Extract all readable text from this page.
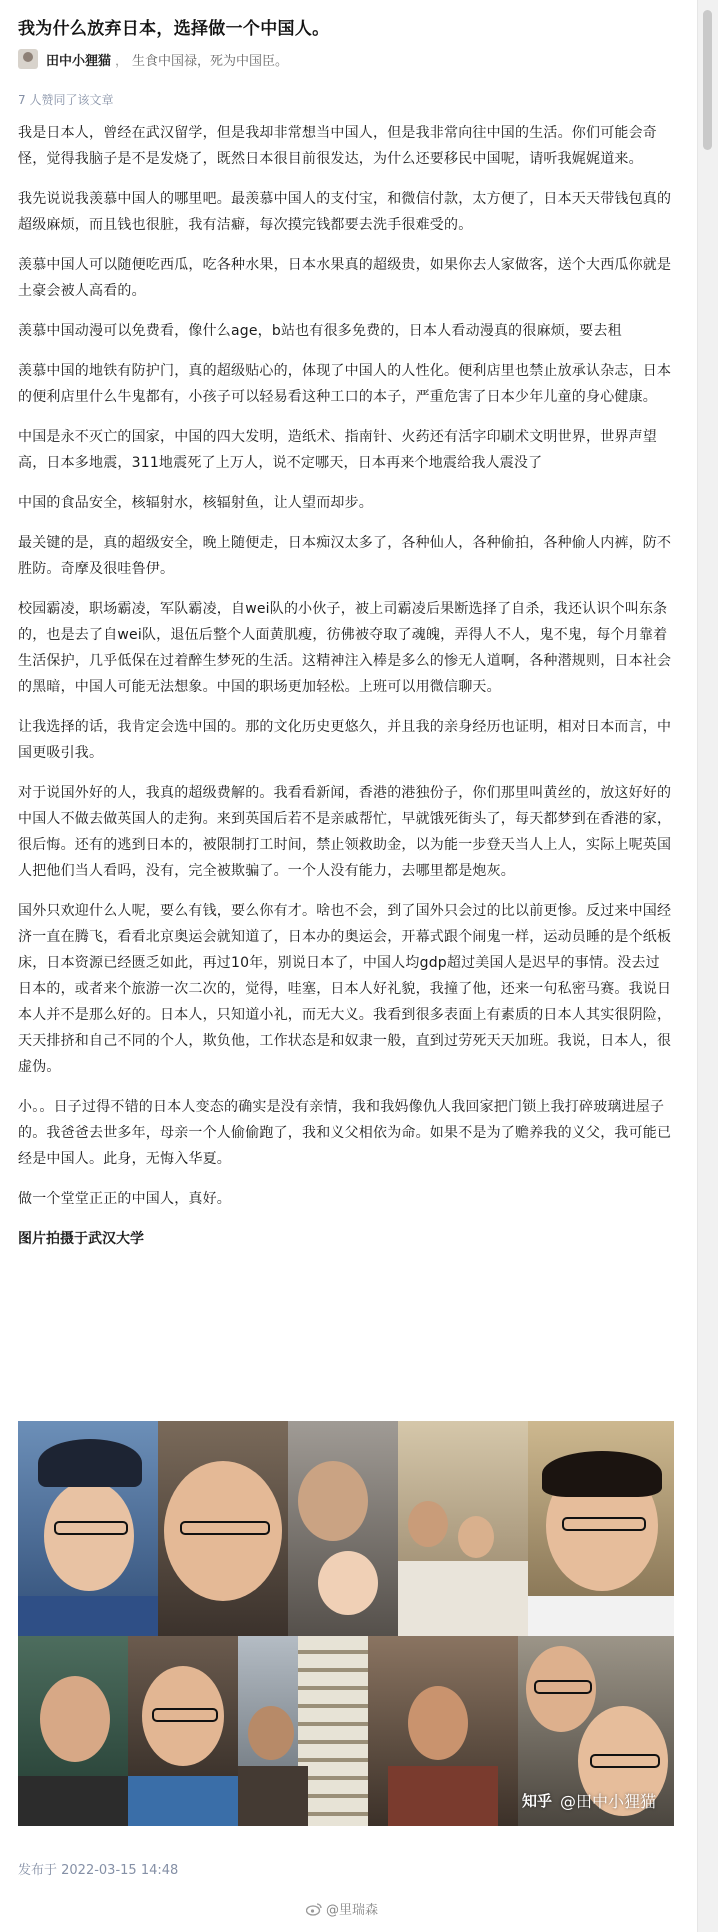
我为什么放弃日本，选择做一个中国人。
田中小狸猫 ， 生食中国禄，死为中国臣。
7 人赞同了该文章

我是日本人，曾经在武汉留学，但是我却非常想当中国人，但是我非常向往中国的生活。你们可能会奇怪，觉得我脑子是不是发烧了，既然日本很目前很发达，为什么还要移民中国呢，请听我娓娓道来。

我先说说我羡慕中国人的哪里吧。最羡慕中国人的支付宝，和微信付款，太方便了，日本天天带钱包真的超级麻烦，而且钱也很脏，我有洁癖，每次摸完钱都要去洗手很难受的。

羡慕中国人可以随便吃西瓜，吃各种水果，日本水果真的超级贵，如果你去人家做客，送个大西瓜你就是土豪会被人高看的。

羡慕中国动漫可以免费看，像什么age，b站也有很多免费的，日本人看动漫真的很麻烦，要去租

羡慕中国的地铁有防护门，真的超级贴心的，体现了中国人的人性化。便利店里也禁止放承认杂志，日本的便利店里什么牛鬼都有，小孩子可以轻易看这种工口的本子，严重危害了日本少年儿童的身心健康。

中国是永不灭亡的国家，中国的四大发明，造纸术、指南针、火药还有活字印刷术文明世界，世界声望高，日本多地震，311地震死了上万人，说不定哪天，日本再来个地震给我人震没了

中国的食品安全，核辐射水，核辐射鱼，让人望而却步。

最关键的是，真的超级安全，晚上随便走，日本痴汉太多了，各种仙人，各种偷拍，各种偷人内裤，防不胜防。奇摩及很哇鲁伊。

校园霸凌，职场霸凌，军队霸凌，自wei队的小伙子，被上司霸凌后果断选择了自杀，我还认识个叫东条的，也是去了自wei队，退伍后整个人面黄肌瘦，彷佛被夺取了魂魄，弄得人不人，鬼不鬼，每个月靠着生活保护，几乎低保在过着醉生梦死的生活。这精神注入棒是多么的惨无人道啊，各种潜规则，日本社会的黑暗，中国人可能无法想象。中国的职场更加轻松。上班可以用微信聊天。

让我选择的话，我肯定会选中国的。那的文化历史更悠久，并且我的亲身经历也证明，相对日本而言，中国更吸引我。

对于说国外好的人，我真的超级费解的。我看看新闻，香港的港独份子，你们那里叫黄丝的，放这好好的中国人不做去做英国人的走狗。来到英国后若不是亲戚帮忙，早就饿死街头了，每天都梦到在香港的家，很后悔。还有的逃到日本的，被限制打工时间，禁止领救助金，以为能一步登天当人上人，实际上呢英国人把他们当人看吗，没有，完全被欺骗了。一个人没有能力，去哪里都是炮灰。

国外只欢迎什么人呢，要么有钱，要么你有才。啥也不会，到了国外只会过的比以前更惨。反过来中国经济一直在腾飞，看看北京奥运会就知道了，日本办的奥运会，开幕式跟个闹鬼一样，运动员睡的是个纸板床，日本资源已经匮乏如此，再过10年，别说日本了，中国人均gdp超过美国人是迟早的事情。没去过日本的，或者来个旅游一次二次的，觉得，哇塞，日本人好礼貌，我撞了他，还来一句私密马赛。我说日本人并不是那么好的。日本人，只知道小礼，而无大义。我看到很多表面上有素质的日本人其实很阴险，天天排挤和自己不同的个人，欺负他，工作状态是和奴隶一般，直到过劳死天天加班。我说，日本人，很虚伪。

小。。日子过得不错的日本人变态的确实是没有亲情，我和我妈像仇人我回家把门锁上我打碎玻璃进屋子的。我爸爸去世多年，母亲一个人偷偷跑了，我和义父相依为命。如果不是为了赡养我的义父，我可能已经是中国人。此身，无悔入华夏。

做一个堂堂正正的中国人，真好。

图片拍摄于武汉大学
知乎 @田中小狸猫
发布于 2022-03-15 14:48
@里瑞森
